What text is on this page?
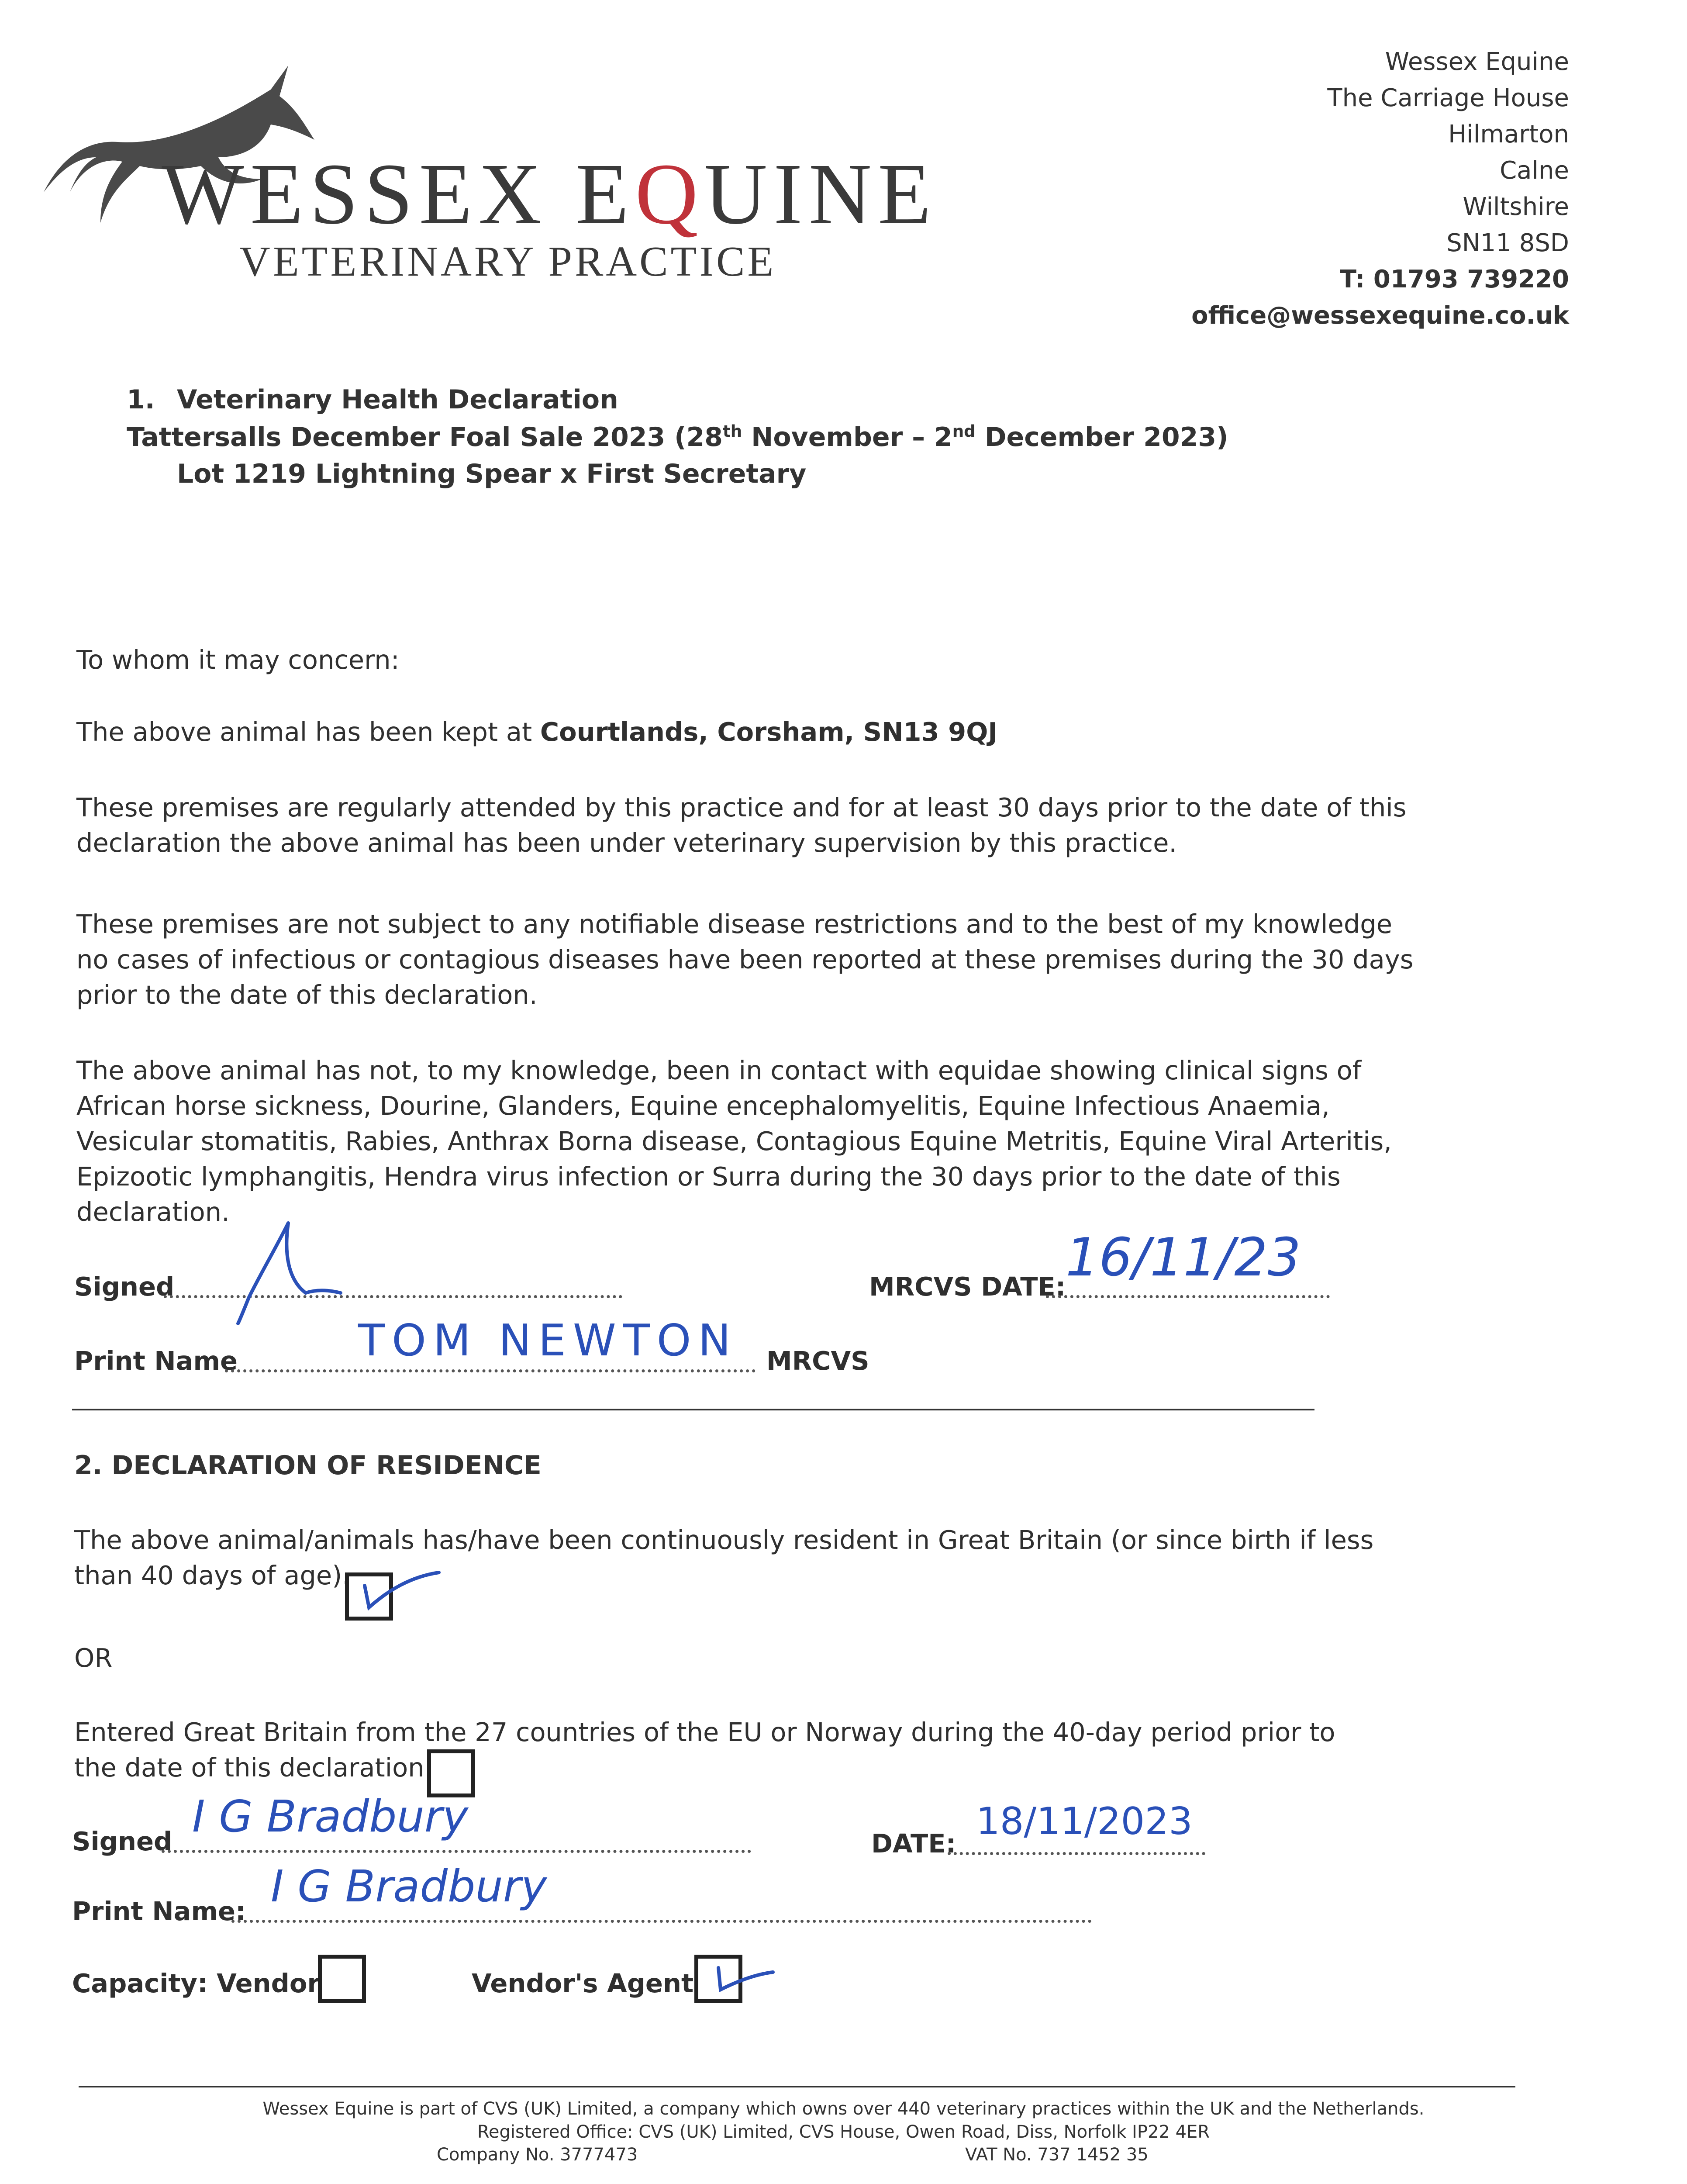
WESSEX EQUINE
VETERINARY PRACTICE
Wessex Equine
The Carriage House
Hilmarton
Calne
Wiltshire
SN11 8SD
T: 01793 739220
office@wessexequine.co.uk
1. Veterinary Health Declaration
Tattersalls December Foal Sale 2023 (28th November – 2nd December 2023)
Lot 1219 Lightning Spear x First Secretary
To whom it may concern:
The above animal has been kept at Courtlands, Corsham, SN13 9QJ
These premises are regularly attended by this practice and for at least 30 days prior to the date of this
declaration the above animal has been under veterinary supervision by this practice.
These premises are not subject to any notifiable disease restrictions and to the best of my knowledge
no cases of infectious or contagious diseases have been reported at these premises during the 30 days
prior to the date of this declaration.
The above animal has not, to my knowledge, been in contact with equidae showing clinical signs of
African horse sickness, Dourine, Glanders, Equine encephalomyelitis, Equine Infectious Anaemia,
Vesicular stomatitis, Rabies, Anthrax Borna disease, Contagious Equine Metritis, Equine Viral Arteritis,
Epizootic lymphangitis, Hendra virus infection or Surra during the 30 days prior to the date of this
declaration.
Signed	MRCVS DATE: 16/11/23
Print Name	TOM NEWTON MRCVS
2. DECLARATION OF RESIDENCE
The above animal/animals has/have been continuously resident in Great Britain (or since birth if less
than 40 days of age).
OR
Entered Great Britain from the 27 countries of the EU or Norway during the 40-day period prior to
the date of this declaration.
Signed I G Bradbury
DATE:
18/11/2023
Print Name: I G Bradbury
Capacity: Vendor	Vendor's Agent
Wessex Equine is part of CVS (UK) Limited, a company which owns over 440 veterinary practices within the UK and the Netherlands.
Registered Office: CVS (UK) Limited, CVS House, Owen Road, Diss, Norfolk IP22 4ER
Company No. 3777473	VAT No. 737 1452 35
